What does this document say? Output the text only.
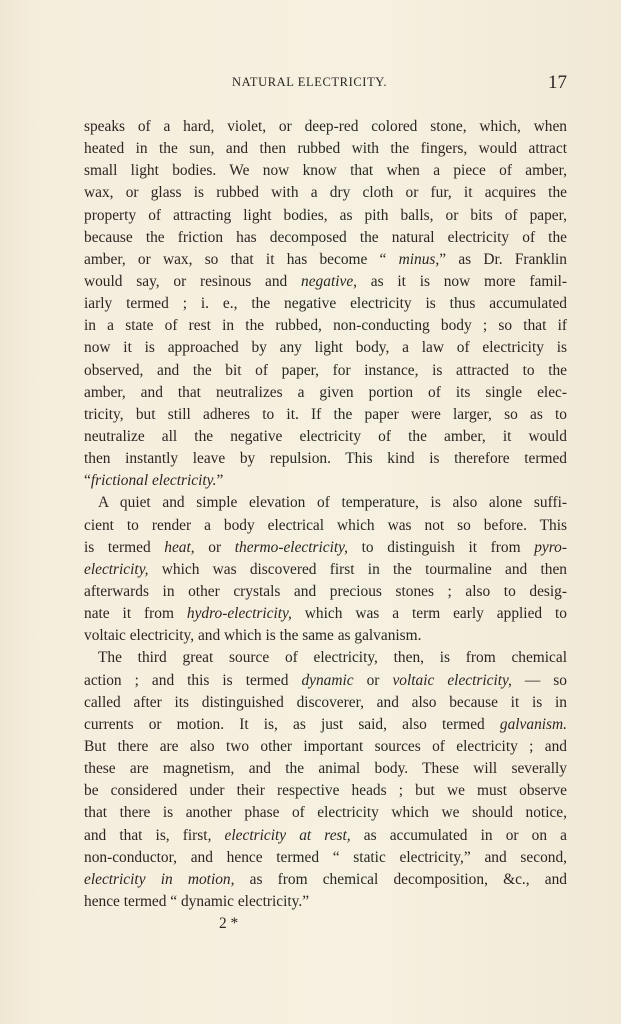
NATURAL ELECTRICITY.	17
speaks of a hard, violet, or deep-red colored stone, which, when
heated in the sun, and then rubbed with the fingers, would attract
small light bodies. We now know that when a piece of amber,
wax, or glass is rubbed with a dry cloth or fur, it acquires the
property of attracting light bodies, as pith balls, or bits of paper,
because the friction has decomposed the natural electricity of the
amber, or wax, so that it has become “ minus,” as Dr. Franklin
would say, or resinous and negative, as it is now more famil-
iarly termed ; i. e., the negative electricity is thus accumulated
in a state of rest in the rubbed, non-conducting body ; so that if
now it is approached by any light body, a law of electricity is
observed, and the bit of paper, for instance, is attracted to the
amber, and that neutralizes a given portion of its single elec-
tricity, but still adheres to it. If the paper were larger, so as to
neutralize all the negative electricity of the amber, it would
then instantly leave by repulsion. This kind is therefore termed
“frictional electricity.”
A quiet and simple elevation of temperature, is also alone suffi-
cient to render a body electrical which was not so before. This
is termed heat, or thermo-electricity, to distinguish it from pyro-
electricity, which was discovered first in the tourmaline and then
afterwards in other crystals and precious stones ; also to desig-
nate it from hydro-electricity, which was a term early applied to
voltaic electricity, and which is the same as galvanism.
The third great source of electricity, then, is from chemical
action ; and this is termed dynamic or voltaic electricity, — so
called after its distinguished discoverer, and also because it is in
currents or motion. It is, as just said, also termed galvanism.
But there are also two other important sources of electricity ; and
these are magnetism, and the animal body. These will severally
be considered under their respective heads ; but we must observe
that there is another phase of electricity which we should notice,
and that is, first, electricity at rest, as accumulated in or on a
non-conductor, and hence termed “ static electricity,” and second,
electricity in motion, as from chemical decomposition, &c., and
hence termed “ dynamic electricity.”
2 *
